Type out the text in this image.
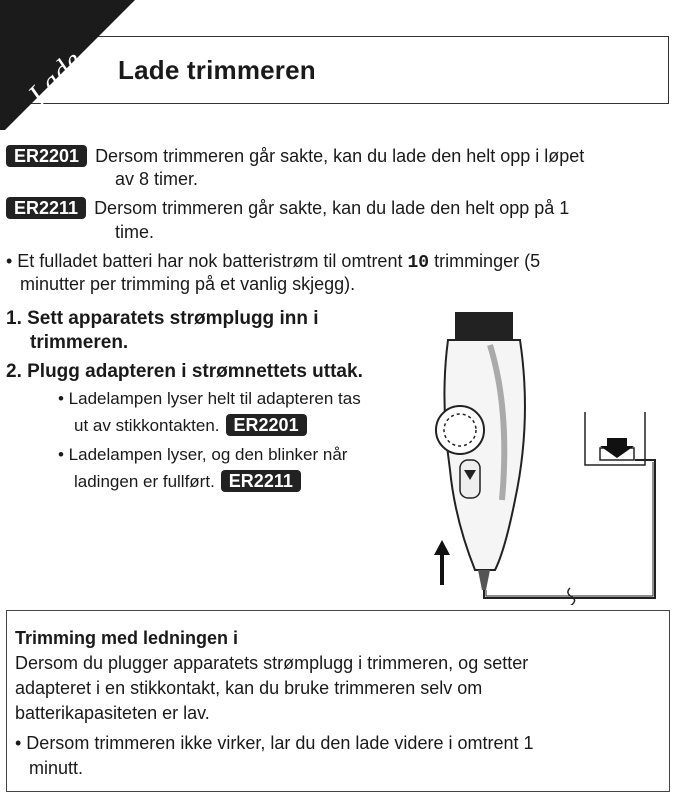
Lade Lade trimmeren
ER2201 Dersom trimmeren går sakte, kan du lade den helt opp i løpet
av 8 timer.
ER2211 Dersom trimmeren går sakte, kan du lade den helt opp på 1
time.
• Et fulladet batteri har nok batteristrøm til omtrent 10 trimminger (5
minutter per trimming på et vanlig skjegg).
1. Sett apparatets strømplugg inn i
trimmeren.
2. Plugg adapteren i strømnettets uttak.
• Ladelampen lyser helt til adapteren tas
ut av stikkontakten. ER2201
• Ladelampen lyser, og den blinker når
ladingen er fullført. ER2211
Trimming med ledningen i
Dersom du plugger apparatets strømplugg i trimmeren, og setter
adapteret i en stikkontakt, kan du bruke trimmeren selv om
batterikapasiteten er lav.
• Dersom trimmeren ikke virker, lar du den lade videre i omtrent 1
minutt.
